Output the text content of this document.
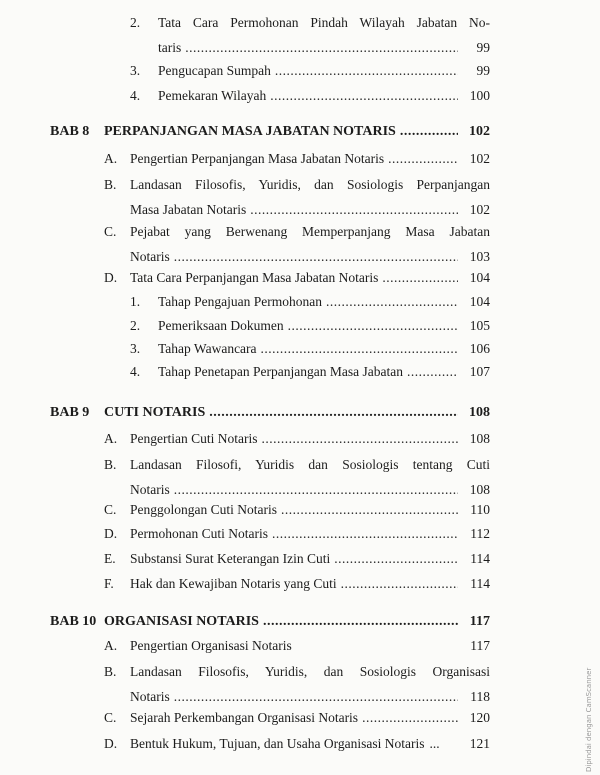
2.	Tata Cara Permohonan Pindah Wilayah Jabatan No-
taris .....	99
3.	Pengucapan Sumpah .....	99
4.	Pemekaran Wilayah .....	100
BAB 8	PERPANJANGAN MASA JABATAN NOTARIS .....	102
A. Pengertian Perpanjangan Masa Jabatan Notaris .....	102
B.	Landasan Filosofis, Yuridis, dan Sosiologis Perpanjangan
Masa Jabatan Notaris .....	102
C.	Pejabat yang Berwenang Memperpanjang Masa Jabatan
Notaris .....	103
D. Tata Cara Perpanjangan Masa Jabatan Notaris .....	104
1.	Tahap Pengajuan Permohonan .....	104
2.	Pemeriksaan Dokumen .....	105
3.	Tahap Wawancara .....	106
4.	Tahap Penetapan Perpanjangan Masa Jabatan .....	107
BAB 9	CUTI NOTARIS .....	108
A. Pengertian Cuti Notaris .....	108
B.	Landasan Filosofi, Yuridis dan Sosiologis tentang Cuti
Notaris .....	108
C.	Penggolongan Cuti Notaris .....	110
D. Permohonan Cuti Notaris .....	112
E.	Substansi Surat Keterangan Izin Cuti .....	114
F.	Hak dan Kewajiban Notaris yang Cuti .....	114
BAB 10 ORGANISASI NOTARIS .....	117
A. Pengertian Organisasi Notaris	117
B.	Landasan Filosofis, Yuridis, dan Sosiologis Organisasi
Notaris .....	118
C.	Sejarah Perkembangan Organisasi Notaris .....	120
D. Bentuk Hukum, Tujuan, dan Usaha Organisasi Notaris ...	121	Dipindai dengan CamScanner
